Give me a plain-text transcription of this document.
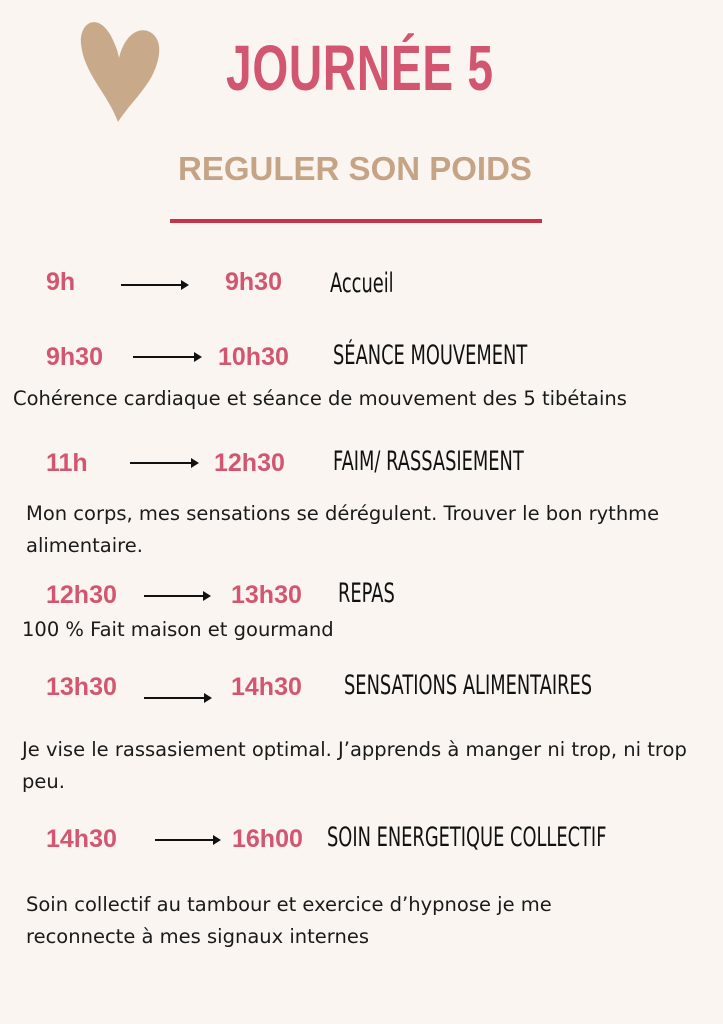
JOURNÉE 5
REGULER SON POIDS
9h	9h30 Accueil
9h30	10h30 SÉANCE MOUVEMENT
Cohérence cardiaque et séance de mouvement des 5 tibétains
11h	12h30 FAIM/ RASSASIEMENT
Mon corps, mes sensations se dérégulent. Trouver le bon rythme alimentaire.
12h30	13h30 REPAS
100 % Fait maison et gourmand
13h30	14h30 SENSATIONS ALIMENTAIRES
Je vise le rassasiement optimal. J’apprends à manger ni trop, ni trop peu.
14h30	16h00 SOIN ENERGETIQUE COLLECTIF
Soin collectif au tambour et exercice d’hypnose je me reconnecte à mes signaux internes
